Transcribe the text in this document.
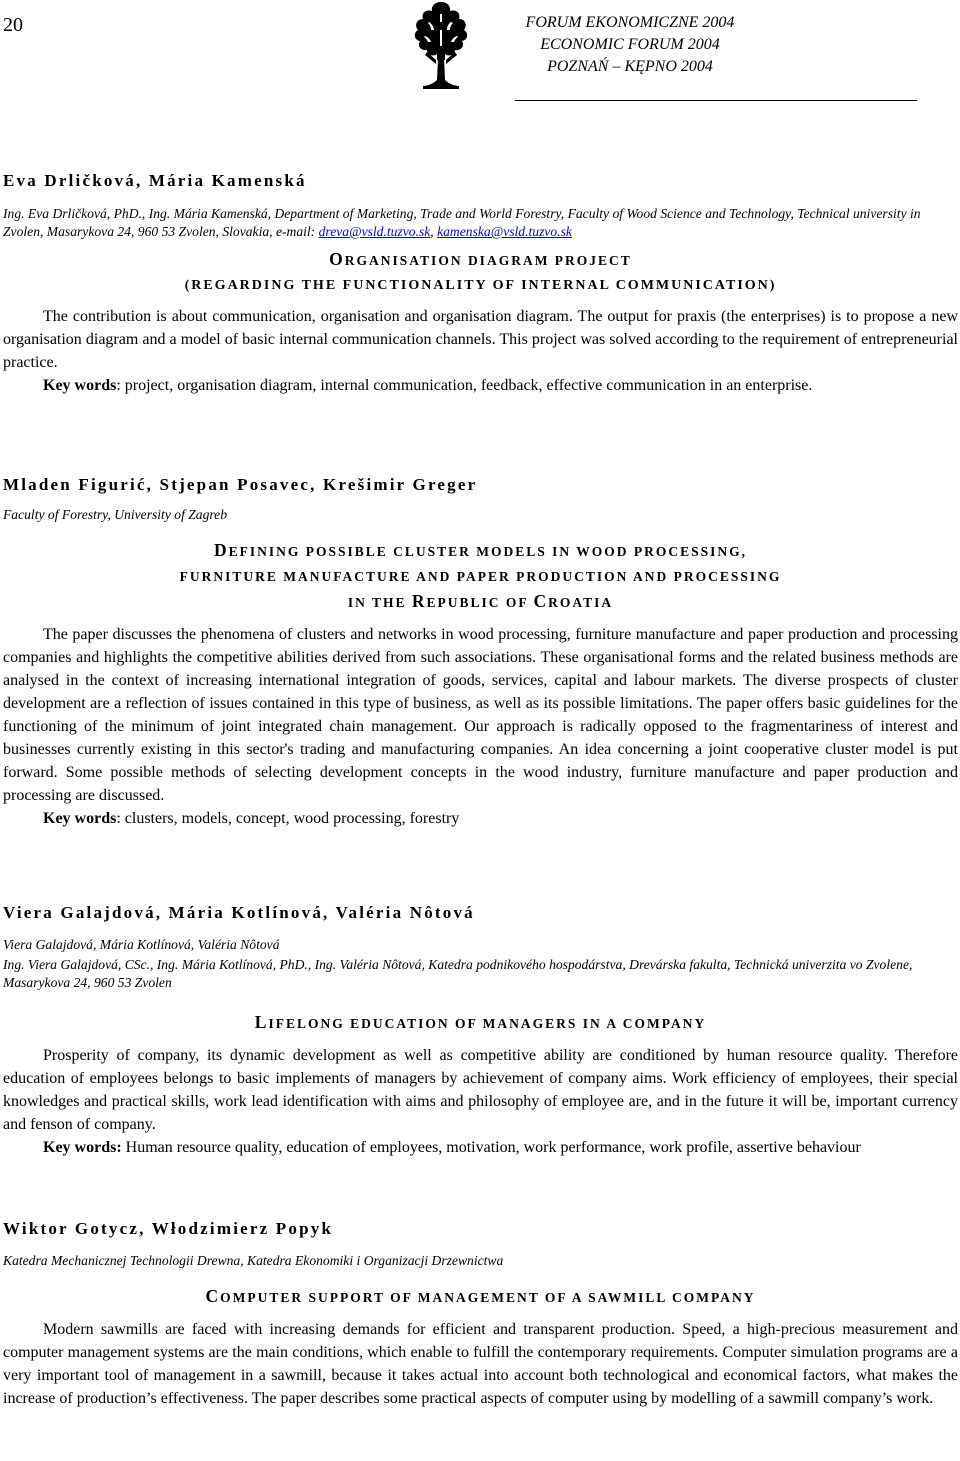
20	FORUM EKONOMICZNE 2004
ECONOMIC FORUM 2004
POZNAŃ – KĘPNO 2004

Eva Drličková, Mária Kamenská

Ing. Eva Drličková, PhD., Ing. Mária Kamenská, Department of Marketing, Trade and World Forestry, Faculty of Wood Science and Technology, Technical university in Zvolen, Masarykova 24, 960 53 Zvolen, Slovakia, e-mail: dreva@vsld.tuzvo.sk, kamenska@vsld.tuzvo.sk

ORGANISATION DIAGRAM PROJECT

(REGARDING THE FUNCTIONALITY OF INTERNAL COMMUNICATION)

The contribution is about communication, organisation and organisation diagram. The output for praxis (the enterprises) is to propose a new organisation diagram and a model of basic internal communication channels. This project was solved according to the requirement of entrepreneurial practice.

Key words: project, organisation diagram, internal communication, feedback, effective communication in an enterprise.

Mladen Figurić, Stjepan Posavec, Krešimir Greger

Faculty of Forestry, University of Zagreb

DEFINING POSSIBLE CLUSTER MODELS IN WOOD PROCESSING,

FURNITURE MANUFACTURE AND PAPER PRODUCTION AND PROCESSING

IN THE REPUBLIC OF CROATIA

The paper discusses the phenomena of clusters and networks in wood processing, furniture manufacture and paper production and processing companies and highlights the competitive abilities derived from such associations. These organisational forms and the related business methods are analysed in the context of increasing international integration of goods, services, capital and labour markets. The diverse prospects of cluster development are a reflection of issues contained in this type of business, as well as its possible limitations. The paper offers basic guidelines for the functioning of the minimum of joint integrated chain management. Our approach is radically opposed to the fragmentariness of interest and businesses currently existing in this sector's trading and manufacturing companies. An idea concerning a joint cooperative cluster model is put forward. Some possible methods of selecting development concepts in the wood industry, furniture manufacture and paper production and processing are discussed.

Key words: clusters, models, concept, wood processing, forestry

Viera Galajdová, Mária Kotlínová, Valéria Nôtová

Viera Galajdová, Mária Kotlínová, Valéria Nôtová

Ing. Viera Galajdová, CSc., Ing. Mária Kotlínová, PhD., Ing. Valéria Nôtová, Katedra podnikového hospodárstva, Drevárska fakulta, Technická univerzita vo Zvolene, Masarykova 24, 960 53 Zvolen

LIFELONG EDUCATION OF MANAGERS IN A COMPANY

Prosperity of company, its dynamic development as well as competitive ability are conditioned by human resource quality. Therefore education of employees belongs to basic implements of managers by achievement of company aims. Work efficiency of employees, their special knowledges and practical skills, work lead identification with aims and philosophy of employee are, and in the future it will be, important currency and fenson of company.

Key words: Human resource quality, education of employees, motivation, work performance, work profile, assertive behaviour

Wiktor Gotycz, Włodzimierz Popyk

Katedra Mechanicznej Technologii Drewna, Katedra Ekonomiki i Organizacji Drzewnictwa

COMPUTER SUPPORT OF MANAGEMENT OF A SAWMILL COMPANY

Modern sawmills are faced with increasing demands for efficient and transparent production. Speed, a high-precious measurement and computer management systems are the main conditions, which enable to fulfill the contemporary requirements. Computer simulation programs are a very important tool of management in a sawmill, because it takes actual into account both technological and economical factors, what makes the increase of production’s effectiveness. The paper describes some practical aspects of computer using by modelling of a sawmill company’s work.
